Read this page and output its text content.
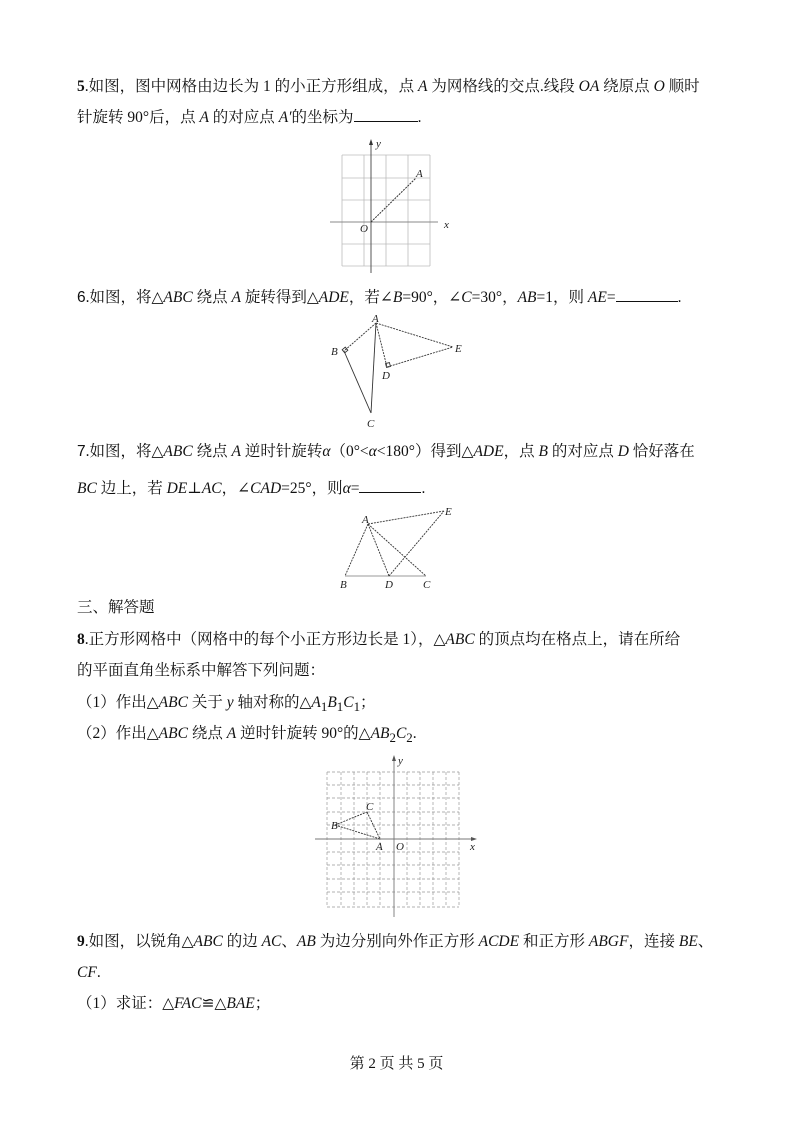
5.如图，图中网格由边长为 1 的小正方形组成，点 A 为网格线的交点.线段 OA 绕原点 O 顺时
针旋转 90°后，点 A 的对应点 A′的坐标为	.
y
A
O	x
6.如图，将△ABC 绕点 A 旋转得到△ADE，若∠B=90°，∠C=30°，AB=1，则 AE=	.
A
B
C
D
E
7.如图，将△ABC 绕点 A 逆时针旋转α（0°<α<180°）得到△ADE，点 B 的对应点 D 恰好落在
BC 边上，若 DE⊥AC，∠CAD=25°，则α=	.
A
B	D	C
E
三、解答题
8.正方形网格中（网格中的每个小正方形边长是 1），△ABC 的顶点均在格点上，请在所给
的平面直角坐标系中解答下列问题：
（1）作出△ABC 关于 y 轴对称的$\triangle A_1B_1C_1$；
（2）作出△ABC 绕点 A 逆时针旋转 90°的$\triangle AB_2C_2$.
y
C
B
A O	x
9.如图，以锐角△ABC 的边 AC、AB 为边分别向外作正方形 ACDE 和正方形 ABGF，连接 BE、
CF.
（1）求证：△FAC≌△BAE；
第 2 页 共 5 页
